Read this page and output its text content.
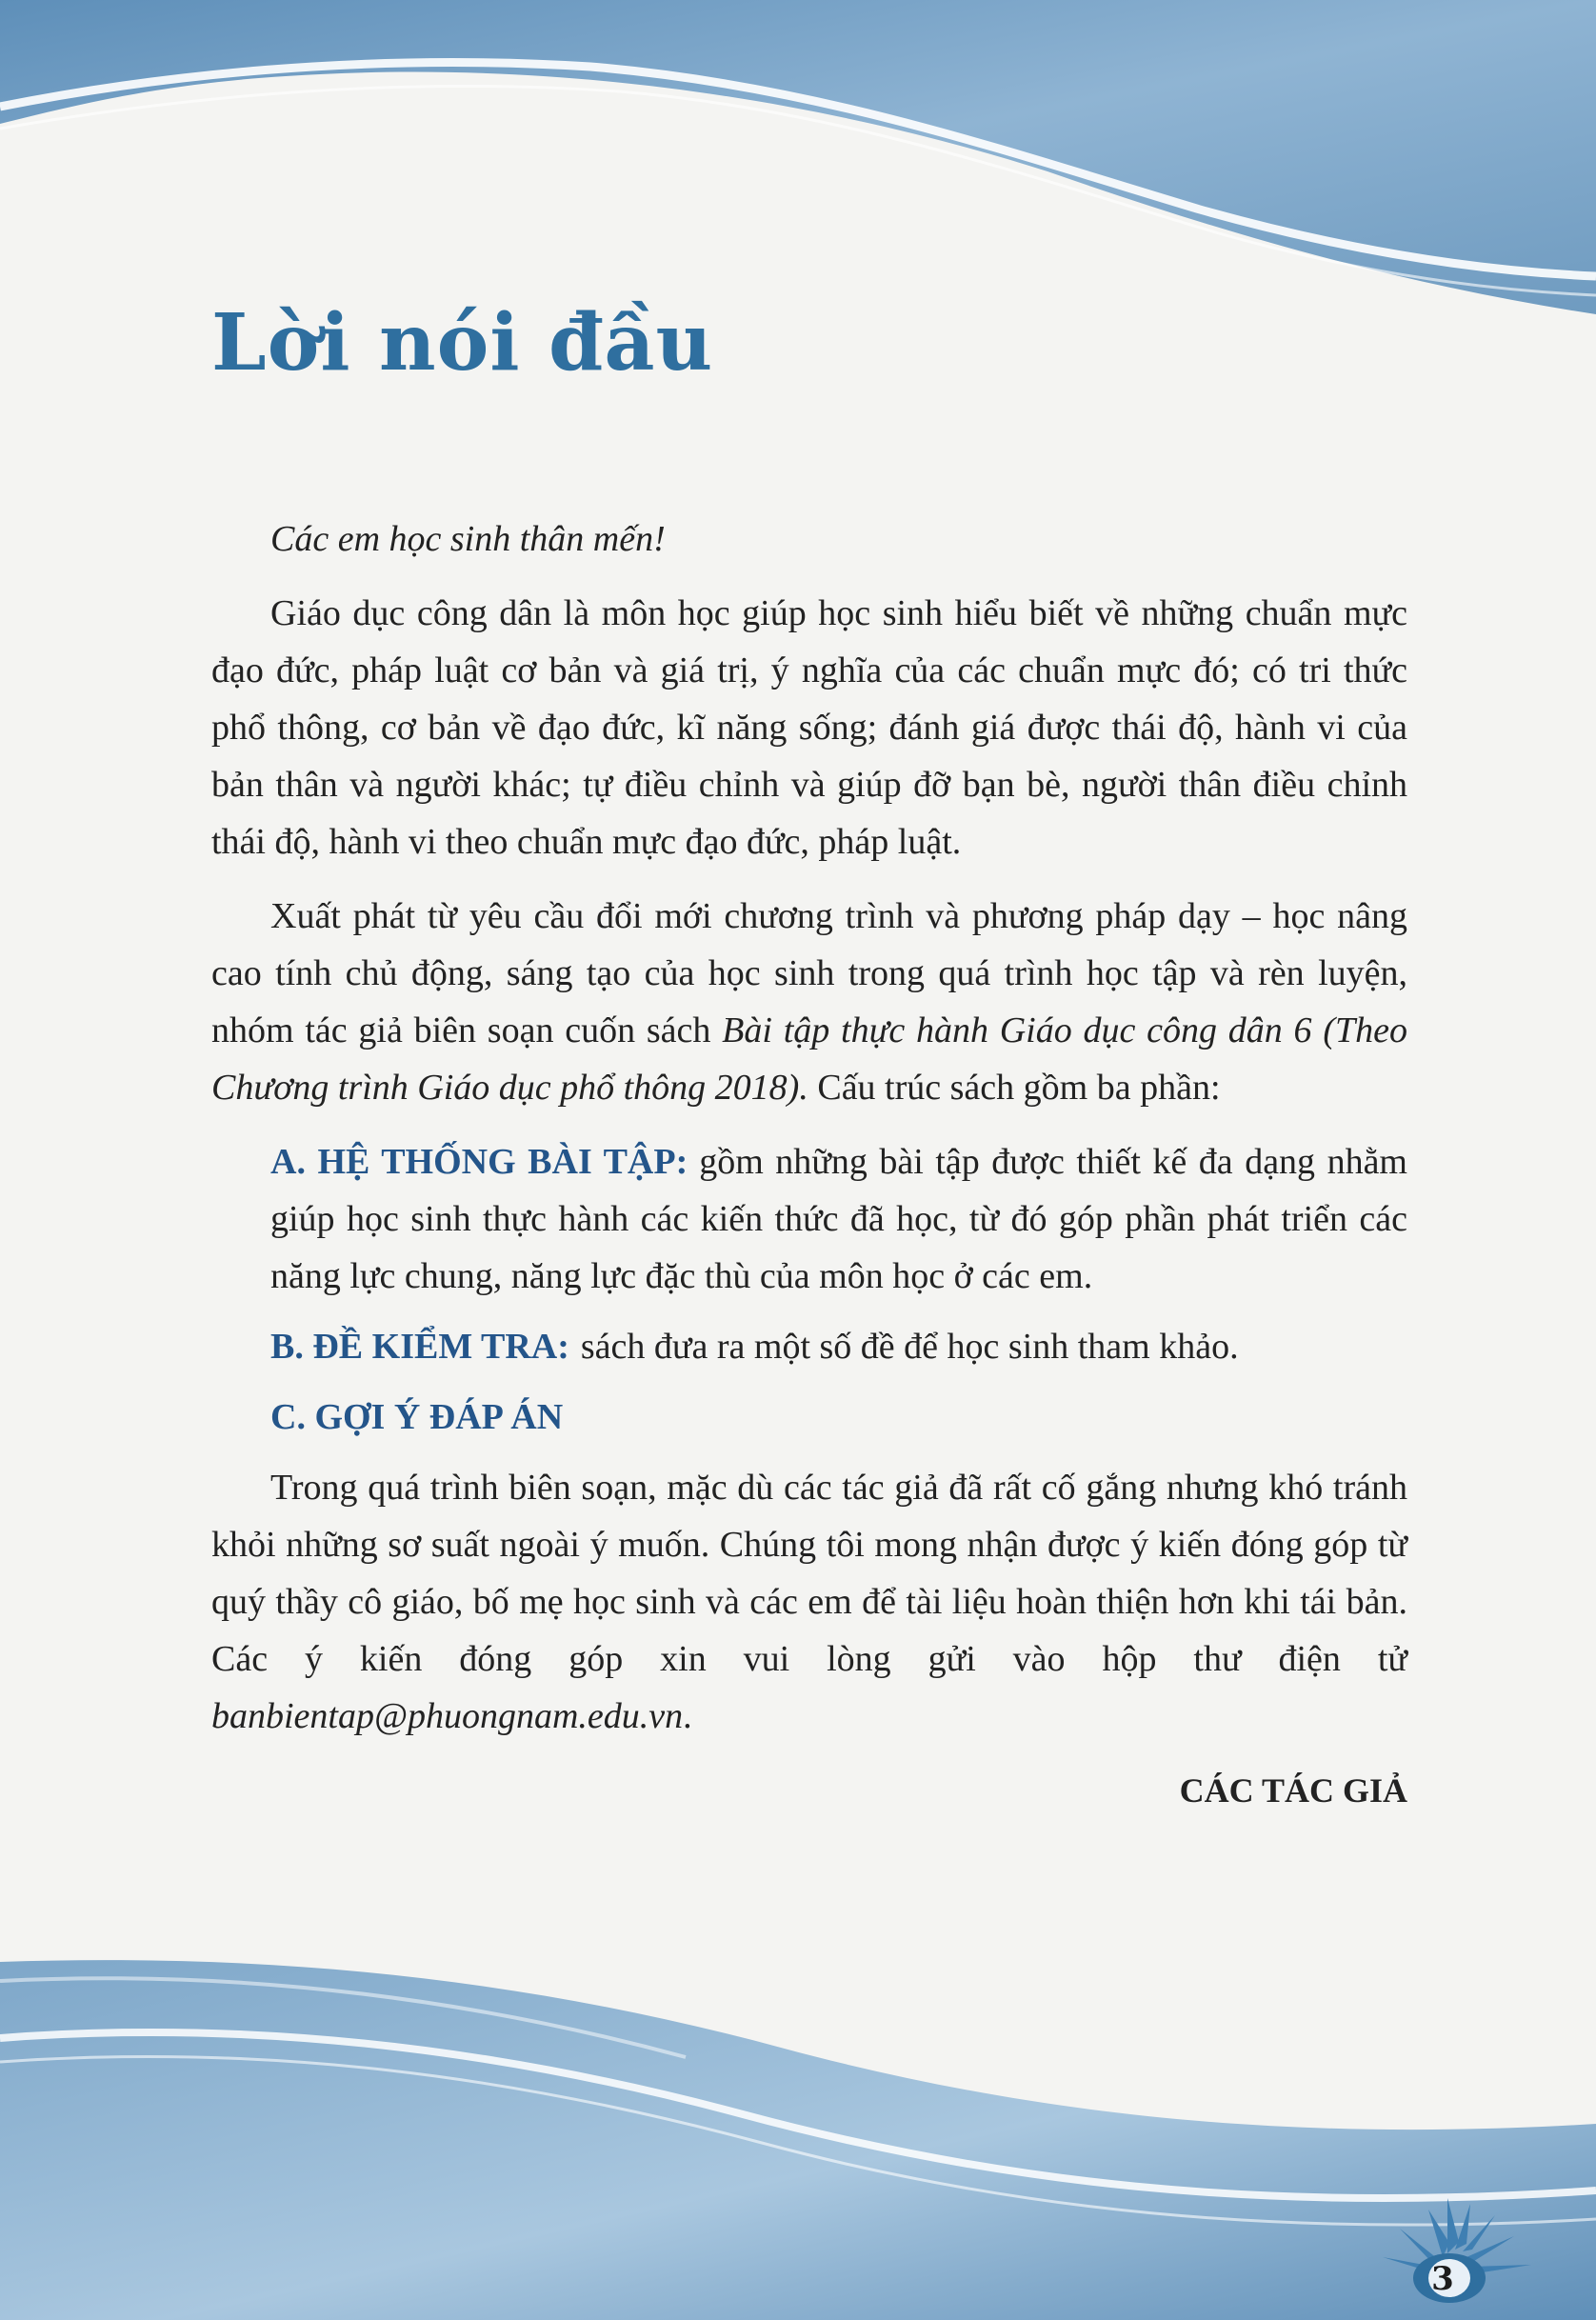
Lời nói đầu

Các em học sinh thân mến!

Giáo dục công dân là môn học giúp học sinh hiểu biết về những chuẩn mực đạo đức, pháp luật cơ bản và giá trị, ý nghĩa của các chuẩn mực đó; có tri thức phổ thông, cơ bản về đạo đức, kĩ năng sống; đánh giá được thái độ, hành vi của bản thân và người khác; tự điều chỉnh và giúp đỡ bạn bè, người thân điều chỉnh thái độ, hành vi theo chuẩn mực đạo đức, pháp luật.

Xuất phát từ yêu cầu đổi mới chương trình và phương pháp dạy – học nâng cao tính chủ động, sáng tạo của học sinh trong quá trình học tập và rèn luyện, nhóm tác giả biên soạn cuốn sách Bài tập thực hành Giáo dục công dân 6 (Theo Chương trình Giáo dục phổ thông 2018). Cấu trúc sách gồm ba phần:

A. HỆ THỐNG BÀI TẬP: gồm những bài tập được thiết kế đa dạng nhằm giúp học sinh thực hành các kiến thức đã học, từ đó góp phần phát triển các năng lực chung, năng lực đặc thù của môn học ở các em.

B. ĐỀ KIỂM TRA: sách đưa ra một số đề để học sinh tham khảo.

C. GỢI Ý ĐÁP ÁN

Trong quá trình biên soạn, mặc dù các tác giả đã rất cố gắng nhưng khó tránh khỏi những sơ suất ngoài ý muốn. Chúng tôi mong nhận được ý kiến đóng góp từ quý thầy cô giáo, bố mẹ học sinh và các em để tài liệu hoàn thiện hơn khi tái bản. Các ý kiến đóng góp xin vui lòng gửi vào hộp thư điện tử banbientap@phuongnam.edu.vn.

CÁC TÁC GIẢ

3
